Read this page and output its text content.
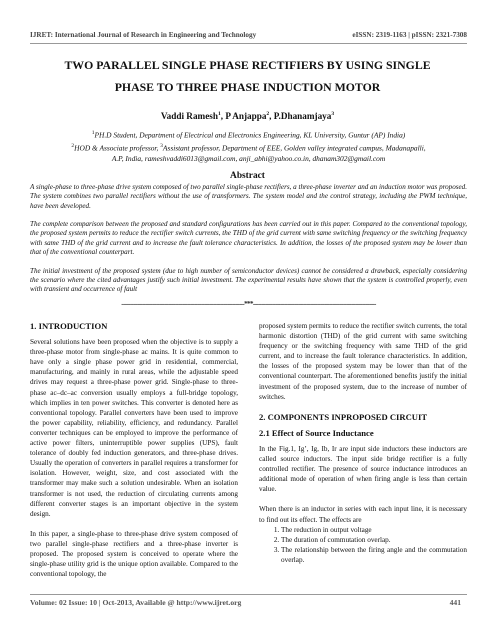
IJRET: International Journal of Research in Engineering and Technology	eISSN: 2319-1163 | pISSN: 2321-7308
TWO PARALLEL SINGLE PHASE RECTIFIERS BY USING SINGLE
PHASE TO THREE PHASE INDUCTION MOTOR
Vaddi Ramesh$^1$, P Anjappa$^2$, P.Dhanamjaya$^3$
$^1$PH.D Student, Department of Electrical and Electronics Engineering, KL University, Guntur (AP) India)
$^2$HOD & Associate professor, $^3$Assistant professor, Department of EEE, Golden valley integrated campus, Madanapalli,
A.P, India, rameshvaddi6013@gmail.com, anji_abhi@yahoo.co.in, dhanam302@gmail.com
Abstract

A single-phase to three-phase drive system composed of two parallel single-phase rectifiers, a three-phase inverter and an induction motor was proposed. The system combines two parallel rectifiers without the use of transformers. The system model and the control strategy, including the PWM technique, have been developed.

The complete comparison between the proposed and standard configurations has been carried out in this paper. Compared to the conventional topology, the proposed system permits to reduce the rectifier switch currents, the THD of the grid current with same switching frequency or the switching frequency with same THD of the grid current and to increase the fault tolerance characteristics. In addition, the losses of the proposed system may be lower than that of the conventional counterpart.

The initial investment of the proposed system (due to high number of semiconductor devices) cannot be considered a drawback, especially considering the scenario where the cited advantages justify such initial investment. The experimental results have shown that the system is controlled properly, even with transient and occurrence of fault

-----------------------------------------------------------------------***-----------------------------------------------------------------------
1. INTRODUCTION

Several solutions have been proposed when the objective is to supply a three-phase motor from single-phase ac mains. It is quite common to have only a single phase power grid in residential, commercial, manufacturing, and mainly in rural areas, while the adjustable speed drives may request a three-phase power grid. Single-phase to three-phase ac–dc–ac conversion usually employs a full-bridge topology, which implies in ten power switches. This converter is denoted here as conventional topology. Parallel converters have been used to improve the power capability, reliability, efficiency, and redundancy. Parallel converter techniques can be employed to improve the performance of active power filters, uninterruptible power supplies (UPS), fault tolerance of doubly fed induction generators, and three-phase drives. Usually the operation of converters in parallel requires a transformer for isolation. However, weight, size, and cost associated with the transformer may make such a solution undesirable. When an isolation transformer is not used, the reduction of circulating currents among different converter stages is an important objective in the system design.

In this paper, a single-phase to three-phase drive system composed of two parallel single-phase rectifiers and a three-phase inverter is proposed. The proposed system is conceived to operate where the single-phase utility grid is the unique option available. Compared to the conventional topology, the

proposed system permits to reduce the rectifier switch currents, the total harmonic distortion (THD) of the grid current with same switching frequency or the switching frequency with same THD of the grid current, and to increase the fault tolerance characteristics. In addition, the losses of the proposed system may be lower than that of the conventional counterpart. The aforementioned benefits justify the initial investment of the proposed system, due to the increase of number of switches.

2. COMPONENTS INPROPOSED CIRCUIT
2.1 Effect of Source Inductance

In the Fig.1, Ig’, Ig, Ib, Ir are input side inductors these inductors are called source inductors. The input side bridge rectifier is a fully controlled rectifier. The presence of source inductance introduces an additional mode of operation of when firing angle is less than certain value.

When there is an inductor in series with each input line, it is necessary to find out its effect. The effects are

1. The reduction in output voltage
2. The duration of commutation overlap.
3. The relationship between the firing angle and the commutation overlap.
Volume: 02 Issue: 10 | Oct-2013, Available @ http://www.ijret.org	441
